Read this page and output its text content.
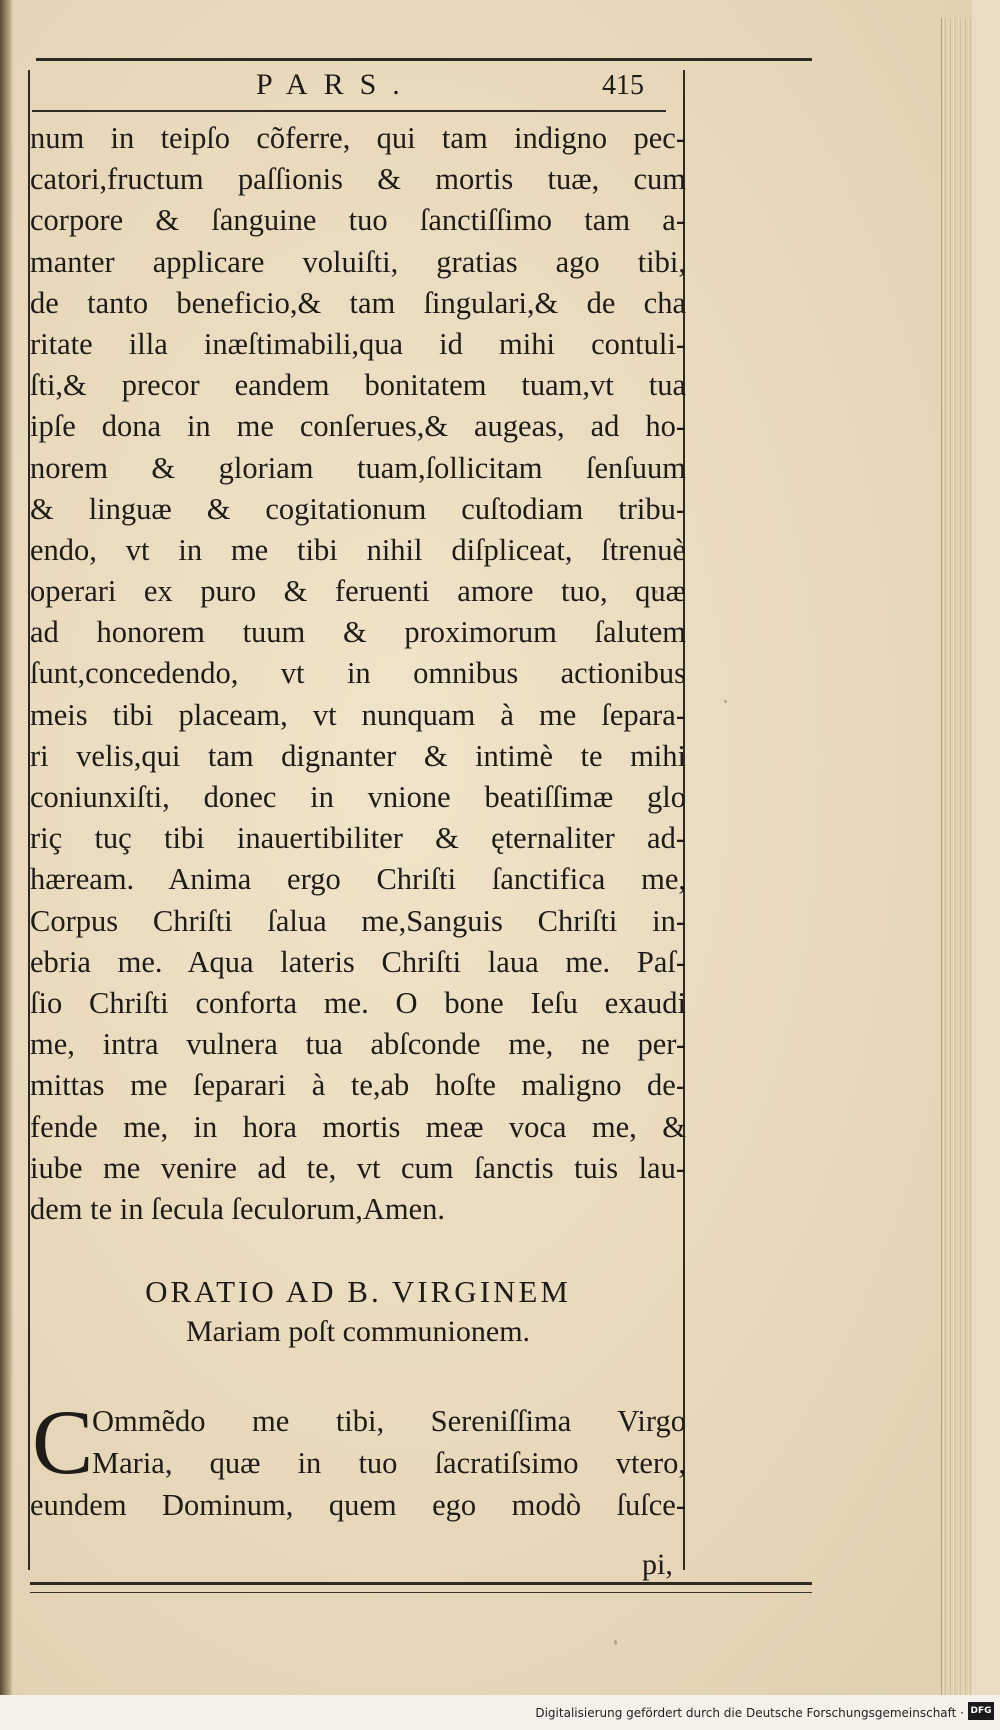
PARS.	415
num in teipſo cõferre, qui tam indigno pec-
catori,fructum paſſionis & mortis tuæ, cum
corpore & ſanguine tuo ſanctiſſimo tam a-
manter applicare voluiſti, gratias ago tibi,
de tanto beneficio,& tam ſingulari,& de cha
ritate illa inæſtimabili,qua id mihi contuli-
ſti,& precor eandem bonitatem tuam,vt tua
ipſe dona in me conſerues,& augeas, ad ho-
norem & gloriam tuam,ſollicitam ſenſuum
& linguæ & cogitationum cuſtodiam tribu-
endo, vt in me tibi nihil diſpliceat, ſtrenuè
operari ex puro & feruenti amore tuo, quæ
ad honorem tuum & proximorum ſalutem
ſunt,concedendo, vt in omnibus actionibus
meis tibi placeam, vt nunquam à me ſepara-
ri velis,qui tam dignanter & intimè te mihi
coniunxiſti, donec in vnione beatiſſimæ glo
riç tuç tibi inauertibiliter & ęternaliter ad-
hæream. Anima ergo Chriſti ſanctifica me,
Corpus Chriſti ſalua me,Sanguis Chriſti in-
ebria me. Aqua lateris Chriſti laua me. Paſ-
ſio Chriſti conforta me. O bone Ieſu exaudi
me, intra vulnera tua abſconde me, ne per-
mittas me ſeparari à te,ab hoſte maligno de-
fende me, in hora mortis meæ voca me, &
iube me venire ad te, vt cum ſanctis tuis lau-
dem te in ſecula ſeculorum,Amen.
ORATIO AD B. VIRGINEM
Mariam poſt communionem.
C
Ommẽdo me tibi, Sereniſſima Virgo
Maria, quæ in tuo ſacratiſsimo vtero,
eundem Dominum, quem ego modò ſuſce-
pi,
Digitalisierung gefördert durch die Deutsche Forschungsgemeinschaft · DFG
